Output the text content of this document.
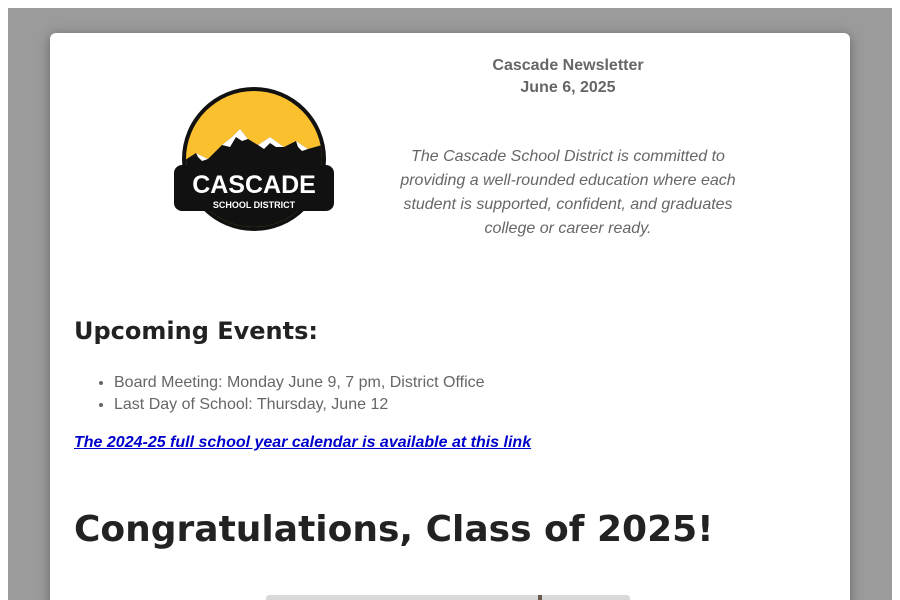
CASCADE
SCHOOL DISTRICT
Cascade Newsletter
June 6, 2025
The Cascade School District is committed to providing a well-rounded education where each student is supported, confident, and graduates college or career ready.
Upcoming Events:
• Board Meeting: Monday June 9, 7 pm, District Office
• Last Day of School: Thursday, June 12
The 2024-25 full school year calendar is available at this link
Congratulations, Class of 2025!
